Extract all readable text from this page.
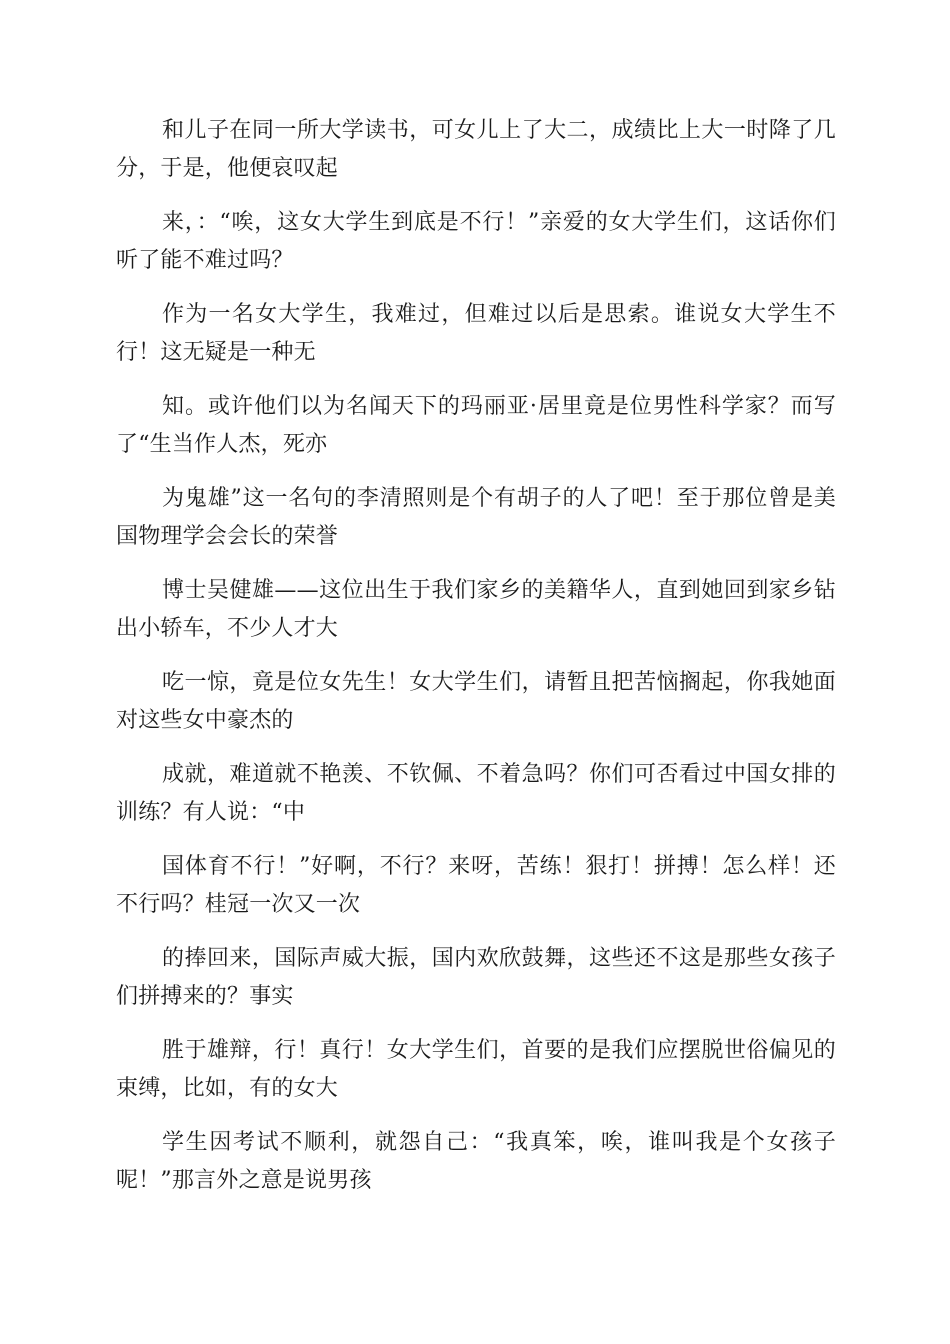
和儿子在同一所大学读书，可女儿上了大二，成绩比上大一时降了几分，于是，他便哀叹起

来，：“唉，这女大学生到底是不行！”亲爱的女大学生们，这话你们听了能不难过吗？

作为一名女大学生，我难过，但难过以后是思索。谁说女大学生不行！这无疑是一种无

知。或许他们以为名闻天下的玛丽亚·居里竟是位男性科学家？而写了“生当作人杰，死亦

为鬼雄”这一名句的李清照则是个有胡子的人了吧！至于那位曾是美国物理学会会长的荣誉

博士吴健雄——这位出生于我们家乡的美籍华人，直到她回到家乡钻出小轿车，不少人才大

吃一惊，竟是位女先生！女大学生们，请暂且把苦恼搁起，你我她面对这些女中豪杰的

成就，难道就不艳羡、不钦佩、不着急吗？你们可否看过中国女排的训练？有人说：“中

国体育不行！”好啊，不行？来呀，苦练！狠打！拼搏！怎么样！还不行吗？桂冠一次又一次

的捧回来，国际声威大振，国内欢欣鼓舞，这些还不这是那些女孩子们拼搏来的？事实

胜于雄辩，行！真行！女大学生们，首要的是我们应摆脱世俗偏见的束缚，比如，有的女大

学生因考试不顺利，就怨自己：“我真笨，唉，谁叫我是个女孩子呢！”那言外之意是说男孩
